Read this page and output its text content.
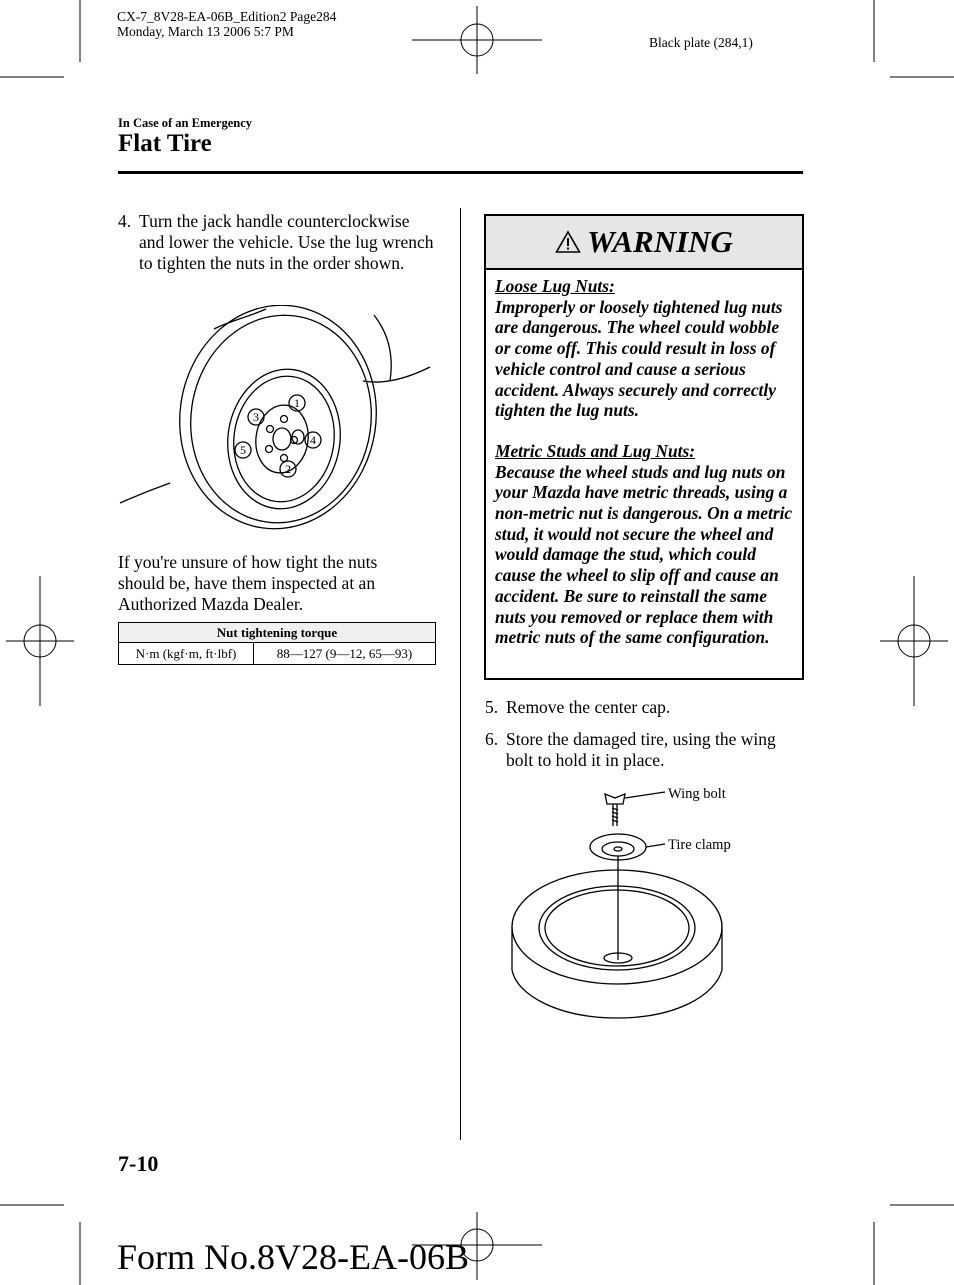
CX-7_8V28-EA-06B_Edition2 Page284
Monday, March 13 2006 5:7 PM
Black plate (284,1)
In Case of an Emergency
Flat Tire
4. Turn the jack handle counterclockwise and lower the vehicle. Use the lug wrench to tighten the nuts in the order shown.
1
2
3
4
5
If you're unsure of how tight the nuts should be, have them inspected at an Authorized Mazda Dealer.
Nut tightening torque
N·m (kgf·m, ft·lbf)	88―127 (9―12, 65―93)
WARNING

Loose Lug Nuts:

Improperly or loosely tightened lug nuts are dangerous. The wheel could wobble or come off. This could result in loss of vehicle control and cause a serious accident. Always securely and correctly tighten the lug nuts.

Metric Studs and Lug Nuts:

Because the wheel studs and lug nuts on your Mazda have metric threads, using a non-metric nut is dangerous. On a metric stud, it would not secure the wheel and would damage the stud, which could cause the wheel to slip off and cause an accident. Be sure to reinstall the same nuts you removed or replace them with metric nuts of the same configuration.

5. Remove the center cap.
6. Store the damaged tire, using the wing bolt to hold it in place.
Wing bolt
Tire clamp
7-10
Form No.8V28-EA-06B
